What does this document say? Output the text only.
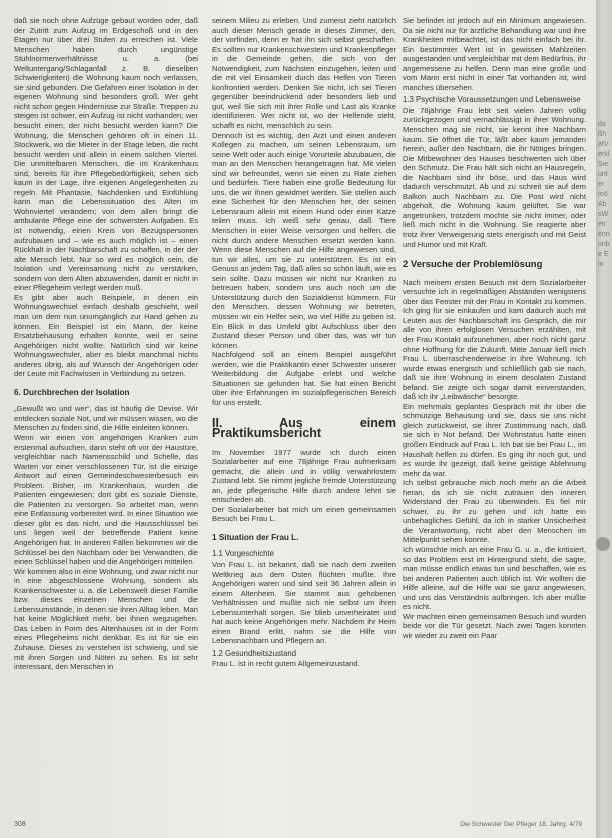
daß sie noch ohne Aufzüge gebaut worden oder, daß der Zutritt zum Aufzug im Erdgeschoß und in den Etagen nur über drei Stufen zu erreichen ist. Viele Menschen haben durch ungünstige Stuhlnormenverhältnisse u. a. (bei Weltuntergang/Schlaganfall z. B. dieselben Schwierigkeiten) die Wohnung kaum noch verlassen, sie sind gebunden. Die Gefahren einer Isolation in der eigenen Wohnung sind besonders groß. Wer geht nicht schon gegen Hindernisse zur Straße. Treppen zu steigen ist schwer, ein Aufzug ist nicht vorhanden; wer besucht einen, der nicht besucht werden kann? Die Wohnung, die Menschen gehören oft in einen 11. Stockwerk, wo die Mieter in der Etage leben, die nicht besucht werden und allein in einem solchen Viertel. Die unmittelbaren Menschen, die im Krankenhaus sind, bereits für ihre Pflegebedürftigkeit, sehen sich kaum in der Lage, ihre eigenen Angelegenheiten zu regeln. Mit Phantasie, Nachdenken und Einfühlung kann man die Lebenssituation des Alten im Wohnviertel verändern; von dem allen bringt die ambulante Pflege eine der schwersten Aufgaben. Es ist notwendig, einen Kreis von Bezugspersonen aufzubauen und – wie es auch möglich ist – einen Rückhalt in der Nachbarschaft zu schaffen, in der der alte Mensch lebt. Nur so wird es möglich sein, die Isolation und Vereinsamung nicht zu verstärken, sondern von dem Alten abzuwenden, damit er nicht in einer Pflegeheim verlegt werden muß.

Es gibt aber auch Beispiele, in denen ein Wohnungswechsel einfach deshalb geschieht, weil man um dem nun unumgänglich zur Hand gehen zu können. Ein Beispiel ist ein Mann, der keine Ersatzbehausung erhalten konnte, weil er seine Angehörigen nicht wollte. Natürlich sind wir keine Wohnungswechsler, aber es bleibt manchmal nichts anderes übrig, als auf Wunsch der Angehörigen oder der Leute mit Fachwissen in Verbindung zu setzen.

6. Durchbrechen der Isolation

„Gewußt wo und wer“, das ist häufig die Devise. Wir entdecken soziale Not, und wir müssen wissen, wo die Menschen zu finden sind, die Hilfe einleiten können.

Wenn wir einen von angehörigen Kranken zum erstenmal aufsuchen, dann steht oft vor der Haustüre, vergleichbar nach Namensschild und Schelle, das Warten vor einer verschlossenen Tür, ist die einzige Antwort auf einen Gemeindeschwesterbesuch ein Problem. Bisher, im Krankenhaus, wurden die Patienten eingewiesen; dort gibt es soziale Dienste, die Patienten zu versorgen. So arbeitet man, wenn eine Entlassung vorbereitet wird. In einer Situation wie dieser gibt es das nicht, und die Hausschlüssel bei uns liegen weil der betreffende Patient keine Angehörigen hat. In anderen Fällen bekommen wir die Schlüssel bei den Nachbarn oder bei Verwandten, die einen Schlüssel haben und die Angehörigen mitteilen.

Wir kommen also in eine Wohnung, und zwar nicht nur in eine abgeschlossene Wohnung, sondern als Krankenschwester u. a. die Lebenswelt dieser Familie bzw. dieses einzelnen Menschen und die Lebensumstände, in denen sie ihren Alltag leben. Man hat keine Möglichkeit mehr, bei ihnen wegzugehen. Das Leben in Form des Altenhauses ist in der Form eines Pflegeheims nicht denkbar. Es ist für sie ein Zuhause. Dieses zu verstehen ist schwierig, und sie mit ihren Sorgen und Nöten zu sehen. Es ist sehr interessant, den Menschen in

seinem Milieu zu erleben. Und zumeist zieht natürlich auch dieser Mensch gerade in dieses Zimmer, den, der vorfinden, denn er hat ihn sich selbst geschaffen. Es sollten nur Krankenschwestern und Krankenpfleger in die Gemeinde gehen, die sich von der Notwendigkeit, zum Nächsten einzugehen, leiten und die mit viel Einsamkeit durch das Helfen von Tieren konfrontiert werden. Denken Sie nicht, ich sei Tieren gegenüber beeindruckend oder besonders lieb und gut, weil Sie sich mit ihrer Rolle und Last als Kranke identifizieren. Wer nicht ist, wo der Helfende steht, schafft es nicht, menschlich zu sein.

Dennoch ist es wichtig, den Arzt und einen anderen Kollegen zu machen, um seinen Lebensraum, um seine Welt oder auch einige Vorurteile abzubauen, die man an den Menschen herangetragen hat. Mit vielen sind wir befreundet, wenn sie einen zu Rate ziehen und bedürfen. Tiere haben eine große Bedeutung für uns, die wir ihnen gewidmet werden. Sie stellen auch eine Sicherheit für den Menschen her, der seinen Lebensraum allein mit einem Hund oder einer Katze teilen muss. Ich weiß sehr genau, daß Tiere Menschen in einer Weise versorgen und helfen, die nicht durch andere Menschen ersetzt werden kann. Wenn diese Menschen auf die Hilfe angewiesen sind, tun wir alles, um sie zu unterstützen. Es ist ein Genuss an jedem Tag, daß alles so schön läuft, wie es sein sollte. Dazu müssen wir nicht nur Kranken zu betreuen haben, sondern uns auch noch um die Unterstützung durch den Sozialdienst kümmern. Für den Menschen, dessen Wohnung wir betreten, müssen wir ein Helfer sein, wo viel Hilfe zu geben ist. Ein Blick in das Umfeld gibt Aufschluss über den Zustand dieser Person und über das, was wir tun können.

Nachfolgend soll an einem Beispiel ausgeführt werden, wie die Praktikantin einer Schwester unserer Weiterbildung die Aufgabe erlebt und welche Situationen sie gefunden hat. Sie hat einen Bericht über ihre Erfahrungen im sozialpflegerischen Bereich für uns erstellt.

II. Aus einem Praktikumsbericht

Im November 1977 wurde ich durch einen Sozialarbeiter auf eine 78jährige Frau aufmerksam gemacht, die allein und in völlig verwahrlostem Zustand lebt. Sie nimmt jegliche fremde Unterstützung an, jede pflegerische Hilfe durch andere lehnt sie entschieden ab.

Der Sozialarbeiter bat mich um einen gemeinsamen Besuch bei Frau L.

1 Situation der Frau L.
1.1 Vorgeschichte

Von Frau L. ist bekannt, daß sie nach dem zweiten Weltkrieg aus dem Osten flüchten mußte. Ihre Angehörigen waren und sind seit 36 Jahren allein in einem Altenheim. Sie stammt aus gehobenen Verhältnissen und mußte sich nie selbst um ihren Lebensunterhalt sorgen. Sie blieb unverheiratet und hat auch keine Angehörigen mehr. Nachdem ihr Heim einen Brand erlitt, nahm sie die Hilfe von Lebensnachbarn und Pflegern an.

1.2 Gesundheitszustand

Frau L. ist in recht gutem Allgemeinzustand.

Sie befindet ist jedoch auf ein Minimum angewiesen. Da sie nicht nur für ärztliche Behandlung war und ihre Krankheiten mitbeachtet, ist das nicht einfach bei ihr. Ein bestimmter Wert ist in gewissen Mahlzeiten ausgestanden und vergleichbar mit dem Bedürfnis, ihr angemessene zu helfen. Denn man eine große und vom Mann erst nicht in einer Tat vorhanden ist, wird manches übersehen.

1.3 Psychische Voraussetzungen und Lebensweise

Die 78jährige Frau lebt seit vielen Jahren völlig zurückgezogen und vernachlässigt in ihrer Wohnung. Menschen mag sie nicht, sie kennt ihre Nachbarn kaum. Sie öffnet die Tür, läßt aber kaum jemanden herein, außer den Nachbarn, die ihr Nötiges bringen. Die Mitbewohner des Hauses beschwerten sich über den Schmutz. Die Frau hält sich nicht an Hausregeln, die Nachbarn sind ihr böse, und das Haus wird dadurch verschmutzt. Ab und zu schreit sie auf dem Balkon auch Nachbarn zu. Die Post wird nicht abgeholt, die Wohnung kaum gelüftet. Sie war angetrunken, trotzdem mochte sie nicht immer, oder ließ mich nicht in die Wohnung. Sie reagierte aber trotz ihrer Verweigerung stets energisch und mit Geist und Humor und mit Kraft.

2 Versuche der Problemlösung

Nach meinem ersten Besuch mit dem Sozialarbeiter versuchte ich in regelmäßigen Abständen wenigstens über das Fenster mit der Frau in Kontakt zu kommen. Ich ging für sie einkaufen und kam dadurch auch mit Leuten aus der Nachbarschaft ins Gespräch, die mir alle von ihren erfolglosen Versuchen erzählten, mit der Frau Kontakt aufzunehmen, aber noch nicht ganz ohne Hoffnung für die Zukunft. Mitte Januar ließ mich Frau L. überraschenderweise in ihre Wohnung. Ich wurde etwas energisch und schließlich gab sie nach, daß sie ihre Wohnung in einem desolaten Zustand befand. Sie zeigte sich sogar damit einverstanden, daß ich ihr „Leibwäsche“ besorgte.

Ein mehrmals geplantes Gespräch mit ihr über die schmutzige Behausung und sie, dass sie uns nicht gleich zurückweist, sie ihrer Zustimmung nach, daß sie sich in Not befand. Der Wohnstatus hatte einen großen Eindruck auf Frau L. Ich bat sie bei Frau L., im Haushalt helfen zu dürfen. Es ging ihr noch gut, und es wurde ihr gezeigt, daß keine geistige Ablehnung mehr da war.

Ich selbst gebrauche mich noch mehr an die Arbeit heran, da ich sie nicht zutrauen den inneren Widerstand der Frau zu überwinden. Es fiel mir schwer, zu ihr zu gehen und ich hatte ein unbehagliches Gefühl, da ich in starker Unsicherheit die Verantwortung, nicht aber den Menschen im Mittelpunkt sehen konnte.

Ich wünschte mich an eine Frau G. u. a., die kritisiert, so das Problem erst im Hintergrund steht, die sagte, man müsse endlich etwas tun und beschaffen, wie es bei anderen Patienten auch üblich ist. Wir wollten die Hilfe alleine, auf die Hilfe war sie ganz angewiesen, und uns das Verständnis aufbringen. Ich aber mußte es nicht.

Wir machten einen gemeinsamen Besuch und wurden beide vor die Tür gesetzt. Nach zwei Tagen konnten wir wieder zu zweit ein Paar

308	Die Schwester Der Pfleger 18. Jahrg. 4/79
daßhatVerklSie untermöAbsWetrennunbe Ein
